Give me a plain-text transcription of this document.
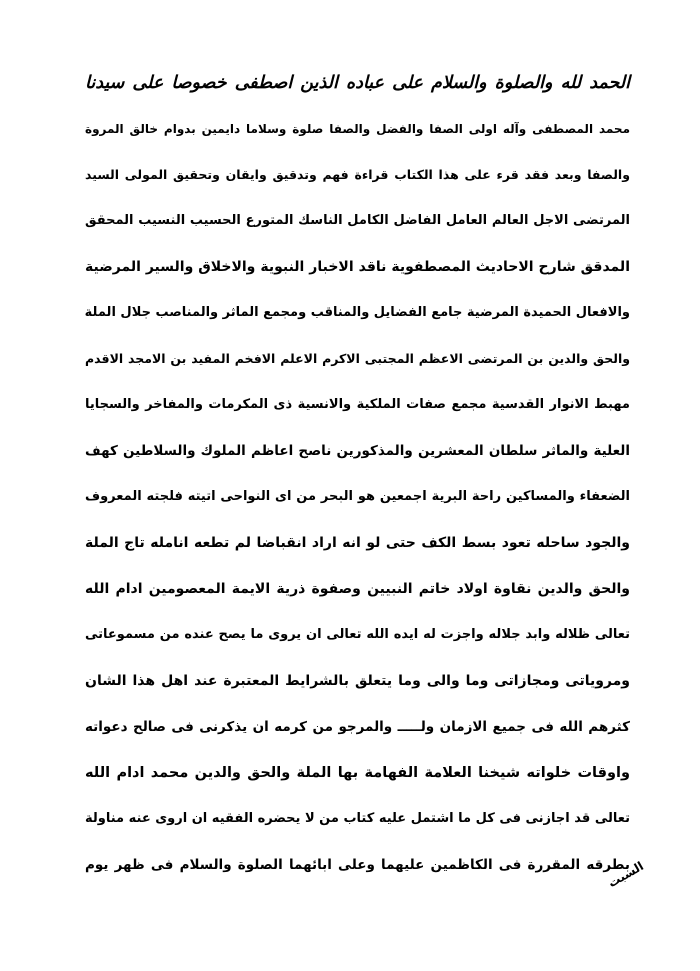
الحمد لله والصلوة والسلام علی عباده الذين اصطفی خصوصا علی سيدنا
محمد المصطفی وآله اولی الصفا والفضل والصفا صلوة وسلاما دايمين بدوام خالق المروة
والصفا وبعد فقد قرء علی هذا الکتاب قراءة فهم وتدقيق وايقان وتحقيق المولی السيد
المرتضی الاجل العالم العامل الفاضل الکامل الناسك المتورع الحسيب النسيب المحقق
المدقق شارح الاحاديث المصطفوية ناقد الاخبار النبوية والاخلاق والسير المرضية
والافعال الحميدة المرضية جامع الفضايل والمناقب ومجمع الماثر والمناصب جلال الملة
والحق والدين بن المرتضی الاعظم المجتبی الاکرم الاعلم الافخم المفيد بن الامجد الاقدم
مهبط الانوار القدسية مجمع صفات الملکية والانسية ذی المکرمات والمفاخر والسجايا
العلية والماثر سلطان المعشرين والمذکورين ناصح اعاظم الملوك والسلاطين کهف
الضعفاء والمساکين راحة البرية اجمعين هو البحر من ای النواحی اتيته فلجته المعروف
والجود ساحله تعود بسط الکف حتی لو انه اراد انقباضا لم تطعه انامله تاج الملة
والحق والدين نقاوة اولاد خاتم النبيين وصفوة ذرية الايمة المعصومين ادام الله
تعالی ظلاله وابد جلاله واجزت له ايده الله تعالی ان يروی ما يصح عنده من مسموعاتی
ومروياتی ومجازاتی وما والی وما يتعلق بالشرايط المعتبرة عند اهل هذا الشان
کثرهم الله فی جميع الازمان ولـــــ والمرجو من کرمه ان يذکرنی فی صالح دعواته
واوقات خلواته شيخنا العلامة الفهامة بها الملة والحق والدين محمد ادام الله
تعالی قد اجازنی فی کل ما اشتمل عليه کتاب من لا يحضره الفقيه ان اروی عنه مناولة
بطرقه المقررة فی الکاظمين عليهما وعلی ابائهما الصلوة والسلام فی ظهر يوم
السبت
